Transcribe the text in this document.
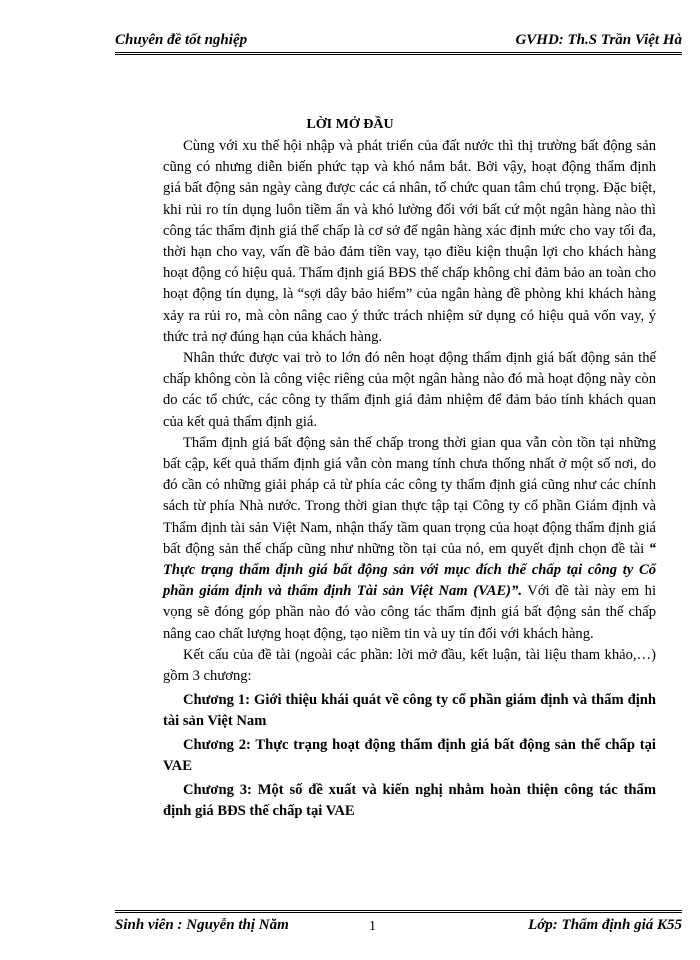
Chuyên đề tốt nghiệp	GVHD: Th.S Trần Việt Hà
LỜI MỞ ĐẦU

Cùng với xu thế hội nhập và phát triển của đất nước thì thị trường bất động sản cũng có nhưng diễn biến phức tạp và khó nắm bắt. Bởi vậy, hoạt động thẩm định giá bất động sản ngày càng được các cá nhân, tổ chức quan tâm chú trọng. Đặc biệt, khi rủi ro tín dụng luôn tiềm ẩn và khó lường đối với bất cứ một ngân hàng nào thì công tác thẩm định giá thế chấp là cơ sở để ngân hàng xác định mức cho vay tối đa, thời hạn cho vay, vấn đề bảo đảm tiền vay, tạo điều kiện thuận lợi cho khách hàng hoạt động có hiệu quả. Thẩm định giá BĐS thế chấp không chỉ đảm bảo an toàn cho hoạt động tín dụng, là “sợi dây bảo hiểm” của ngân hàng đề phòng khi khách hàng xảy ra rủi ro, mà còn nâng cao ý thức trách nhiệm sử dụng có hiệu quả vốn vay, ý thức trả nợ đúng hạn của khách hàng.

Nhân thức được vai trò to lớn đó nên hoạt động thẩm định giá bất động sản thế chấp không còn là công việc riêng của một ngân hàng nào đó mà hoạt động này còn do các tổ chức, các công ty thẩm định giá đảm nhiệm để đảm bảo tính khách quan của kết quả thẩm định giá.

Thẩm định giá bất động sản thế chấp trong thời gian qua vẫn còn tồn tại những bất cập, kết quả thẩm định giá vẫn còn mang tính chưa thống nhất ở một số nơi, do đó cần có những giải pháp cả từ phía các công ty thẩm định giá cũng như các chính sách từ phía Nhà nước. Trong thời gian thực tập tại Công ty cổ phần Giám định và Thẩm định tài sản Việt Nam, nhận thấy tầm quan trọng của hoạt động thẩm định giá bất động sản thế chấp cũng như những tồn tại của nó, em quyết định chọn đề tài “ Thực trạng thẩm định giá bất động sản với mục đích thế chấp tại công ty Cổ phần giám định và thẩm định Tài sản Việt Nam (VAE)”. Với đề tài này em hi vọng sẽ đóng góp phần nào đó vào công tác thẩm định giá bất động sản thế chấp nâng cao chất lượng hoạt động, tạo niềm tin và uy tín đối với khách hàng.

Kết cấu của đề tài (ngoài các phần: lời mở đầu, kết luận, tài liệu tham khảo,…) gồm 3 chương:

Chương 1: Giới thiệu khái quát về công ty cổ phần giám định và thẩm định tài sản Việt Nam

Chương 2: Thực trạng hoạt động thẩm định giá bất động sản thế chấp tại VAE

Chương 3: Một số đề xuất và kiến nghị nhằm hoàn thiện công tác thẩm định giá BĐS thế chấp tại VAE

Sinh viên : Nguyễn thị Năm	1	Lớp: Thẩm định giá K55
